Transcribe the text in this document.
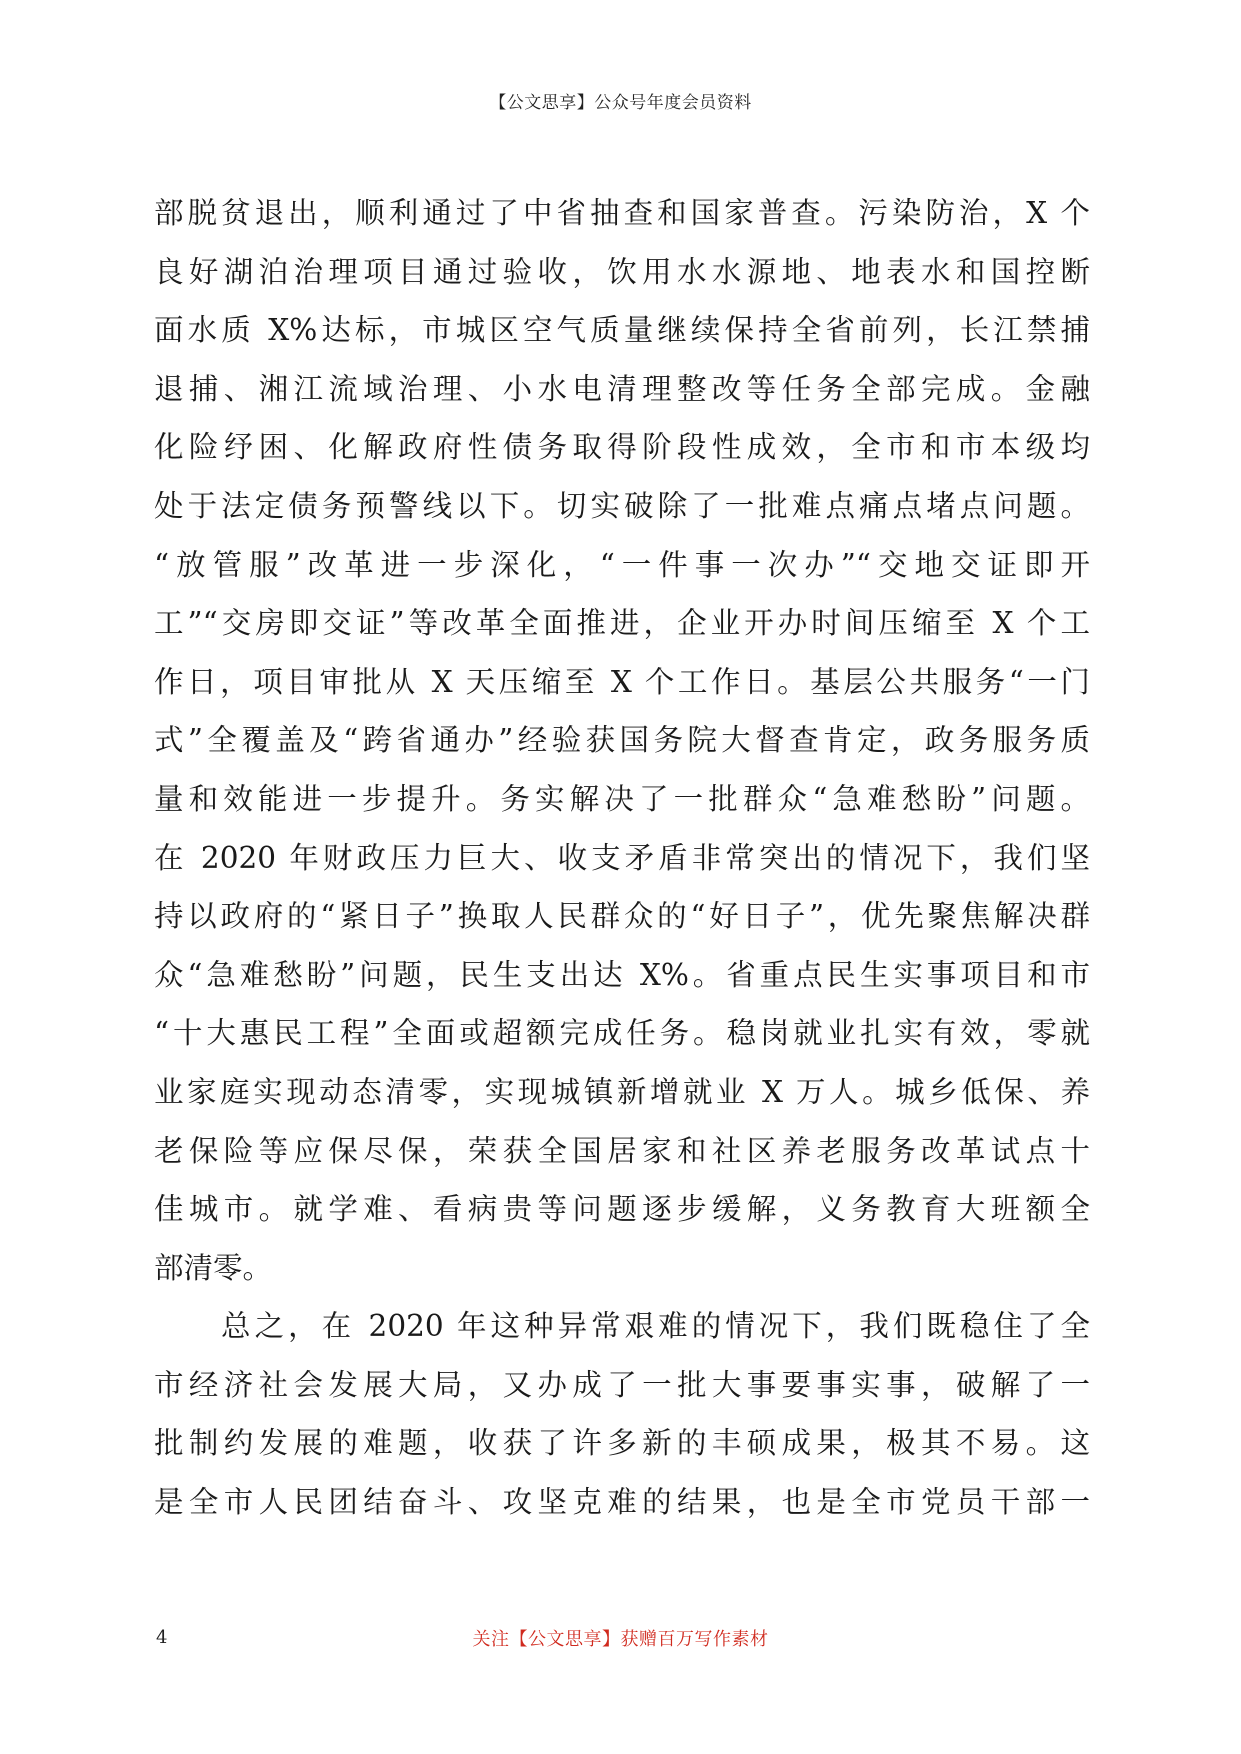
【公文思享】公众号年度会员资料
部脱贫退出，顺利通过了中省抽查和国家普查。污染防治，X 个
良好湖泊治理项目通过验收，饮用水水源地、地表水和国控断
面水质 X%达标，市城区空气质量继续保持全省前列，长江禁捕
退捕、湘江流域治理、小水电清理整改等任务全部完成。金融
化险纾困、化解政府性债务取得阶段性成效，全市和市本级均
处于法定债务预警线以下。切实破除了一批难点痛点堵点问题。
“放管服”改革进一步深化，“一件事一次办”“交地交证即开
工”“交房即交证”等改革全面推进，企业开办时间压缩至 X 个工
作日，项目审批从 X 天压缩至 X 个工作日。基层公共服务“一门
式”全覆盖及“跨省通办”经验获国务院大督查肯定，政务服务质
量和效能进一步提升。务实解决了一批群众“急难愁盼”问题。
在 2020 年财政压力巨大、收支矛盾非常突出的情况下，我们坚
持以政府的“紧日子”换取人民群众的“好日子”，优先聚焦解决群
众“急难愁盼”问题，民生支出达 X%。省重点民生实事项目和市
“十大惠民工程”全面或超额完成任务。稳岗就业扎实有效，零就
业家庭实现动态清零，实现城镇新增就业 X 万人。城乡低保、养
老保险等应保尽保，荣获全国居家和社区养老服务改革试点十
佳城市。就学难、看病贵等问题逐步缓解，义务教育大班额全
部清零。
　　总之，在 2020 年这种异常艰难的情况下，我们既稳住了全
市经济社会发展大局，又办成了一批大事要事实事，破解了一
批制约发展的难题，收获了许多新的丰硕成果，极其不易。这
是全市人民团结奋斗、攻坚克难的结果，也是全市党员干部一
4	关注【公文思享】获赠百万写作素材
